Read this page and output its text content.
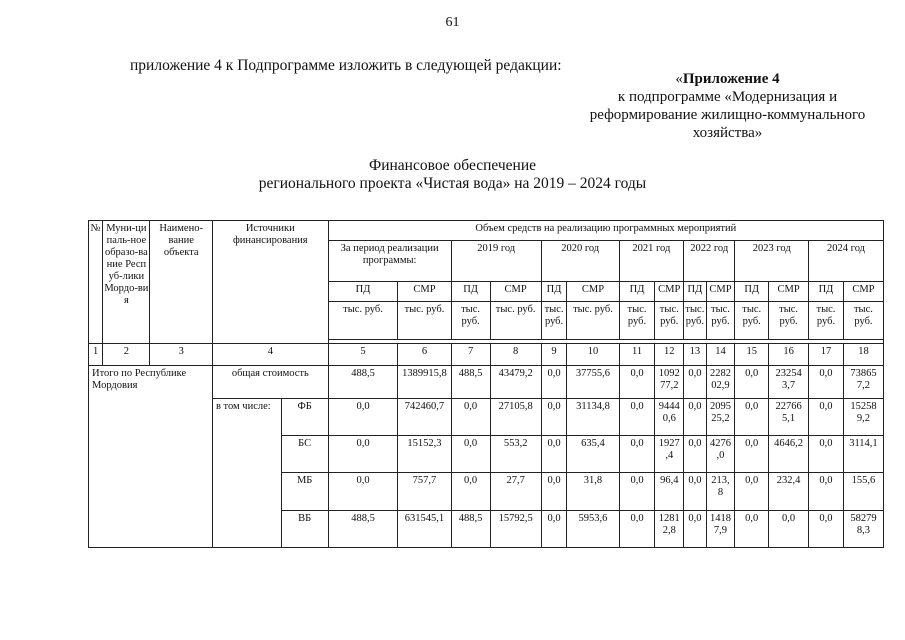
61
приложение 4 к Подпрограмме изложить в следующей редакции:
«Приложение 4
к подпрограмме «Модернизация и
реформирование жилищно-коммунального
хозяйства»
Финансовое обеспечение
регионального проекта «Чистая вода» на 2019 – 2024 годы
№	Муни-ципаль-ное образо-вание Респуб-лики Мордо-вия	Наимено-вание объекта	Источники финансирования		Объем средств на реализацию программных мероприятий													
					За период реализации программы:		2019 год		2020 год		2021 год		2022 год		2023 год		2024 год	
					ПД	СМР	ПД	СМР	ПД	СМР	ПД	СМР	ПД	СМР	ПД	СМР	ПД	СМР
					тыс. руб.	тыс. руб.	тыс. руб.	тыс. руб.	тыс. руб.	тыс. руб.	тыс. руб.	тыс. руб.	тыс. руб.	тыс. руб.	тыс. руб.	тыс. руб.	тыс. руб.	тыс. руб.

1	2	3	4		5	6	7	8	9	10	11	12	13	14	15	16	17	18
Итого по Республике Мордовия			общая стоимость		488,5	1389915,8	488,5	43479,2	0,0	37755,6	0,0	1092 77,2	0,0	2282 02,9	0,0	23254 3,7	0,0	73865 7,2
			в том числе:	ФБ	0,0	742460,7	0,0	27105,8	0,0	31134,8	0,0	9444 0,6	0,0	2095 25,2	0,0	22766 5,1	0,0	15258 9,2
				БС	0,0	15152,3	0,0	553,2	0,0	635,4	0,0	1927 ,4	0,0	4276 ,0	0,0	4646,2	0,0	3114,1
				МБ	0,0	757,7	0,0	27,7	0,0	31,8	0,0	96,4	0,0	213, 8	0,0	232,4	0,0	155,6
				ВБ	488,5	631545,1	488,5	15792,5	0,0	5953,6	0,0	1281 2,8	0,0	1418 7,9	0,0	0,0	0,0	58279 8,3
